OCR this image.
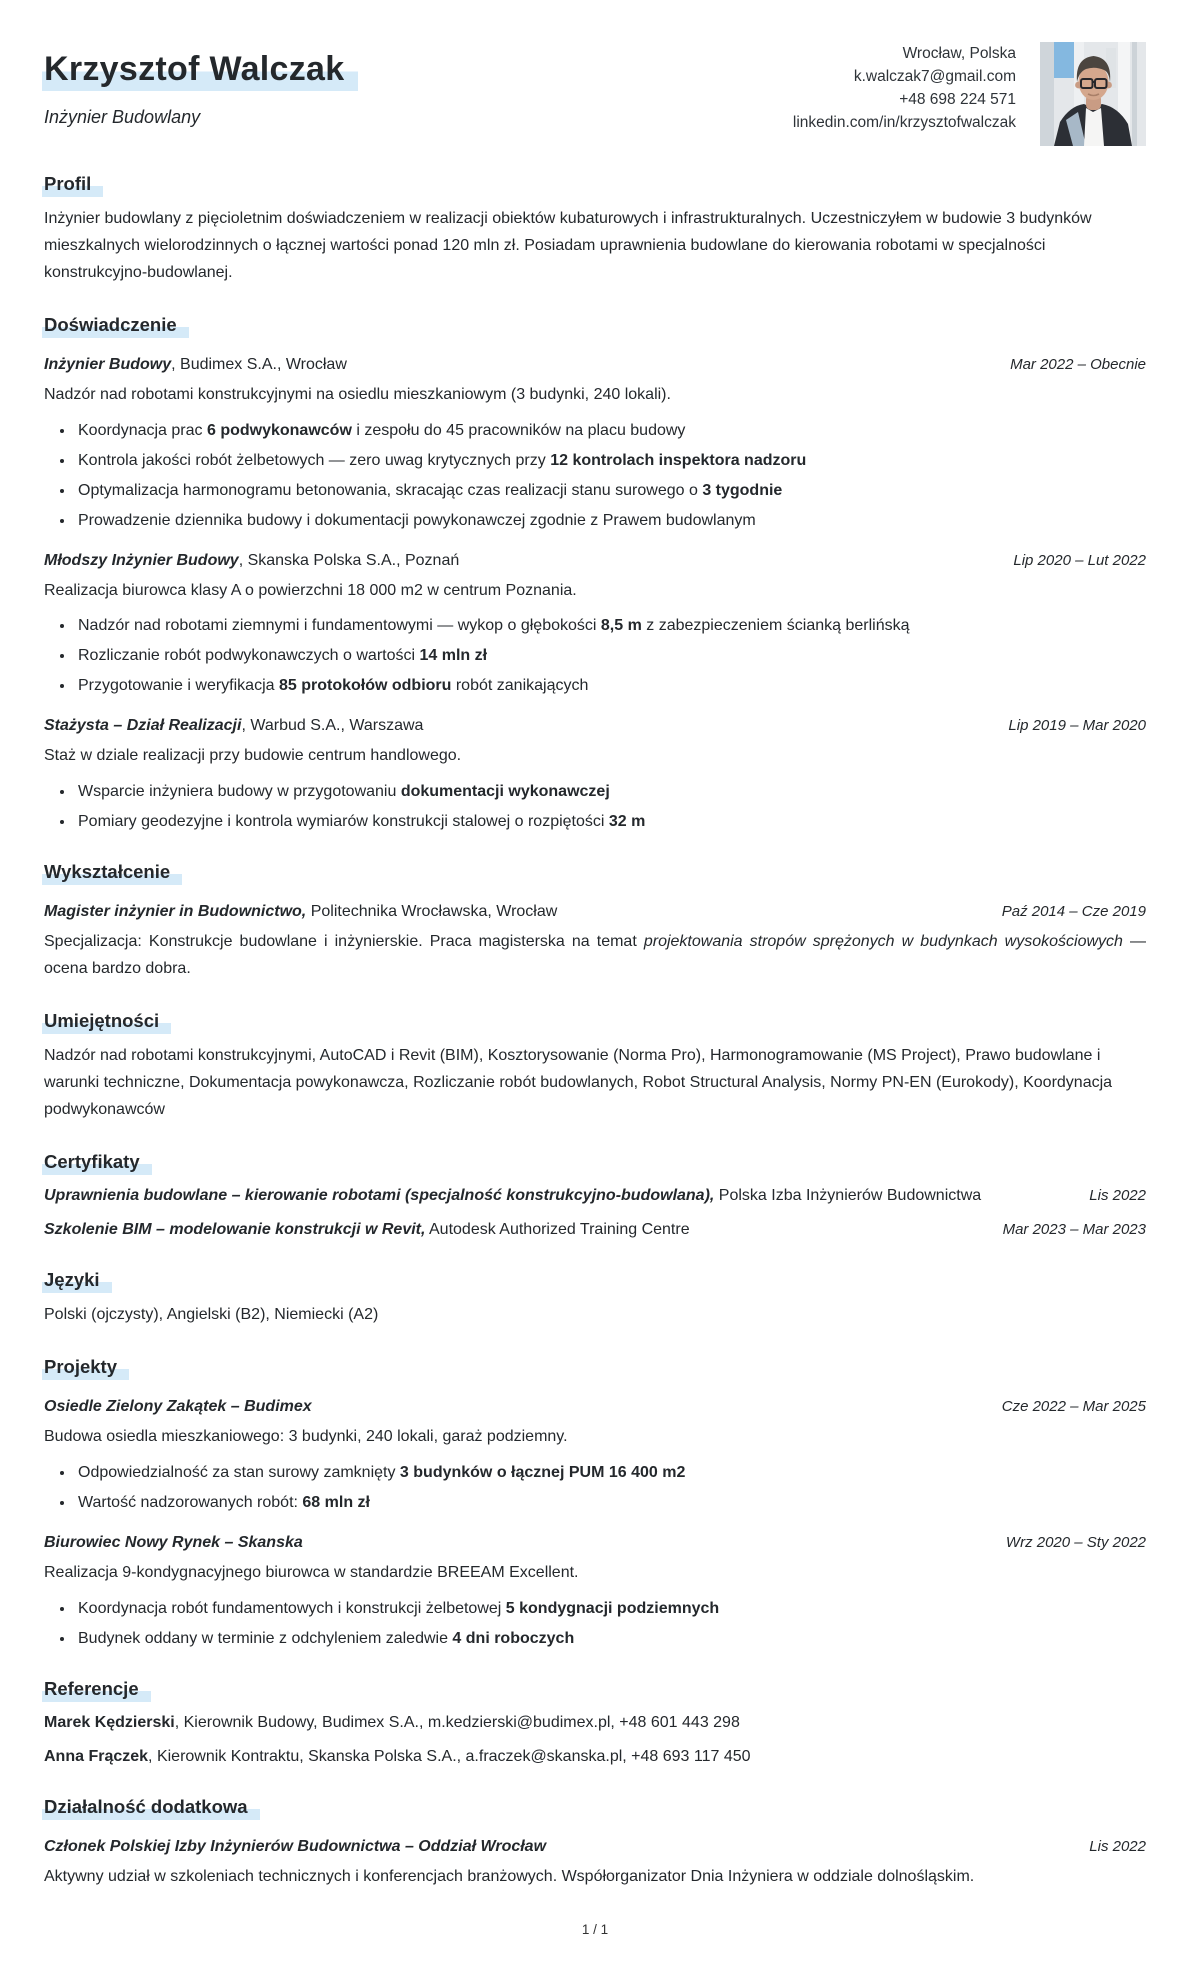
Krzysztof Walczak
Inżynier Budowlany
Wrocław, Polska
k.walczak7@gmail.com
+48 698 224 571
linkedin.com/in/krzysztofwalczak
Profil

Inżynier budowlany z pięcioletnim doświadczeniem w realizacji obiektów kubaturowych i infrastrukturalnych. Uczestniczyłem w budowie 3 budynków mieszkalnych wielorodzinnych o łącznej wartości ponad 120 mln zł. Posiadam uprawnienia budowlane do kierowania robotami w specjalności konstrukcyjno-budowlanej.

Doświadczenie
Inżynier Budowy, Budimex S.A., Wrocław	Mar 2022 – Obecnie

Nadzór nad robotami konstrukcyjnymi na osiedlu mieszkaniowym (3 budynki, 240 lokali).

• Koordynacja prac 6 podwykonawców i zespołu do 45 pracowników na placu budowy
• Kontrola jakości robót żelbetowych — zero uwag krytycznych przy 12 kontrolach inspektora nadzoru
• Optymalizacja harmonogramu betonowania, skracając czas realizacji stanu surowego o 3 tygodnie
• Prowadzenie dziennika budowy i dokumentacji powykonawczej zgodnie z Prawem budowlanym
Młodszy Inżynier Budowy, Skanska Polska S.A., Poznań	Lip 2020 – Lut 2022

Realizacja biurowca klasy A o powierzchni 18 000 m2 w centrum Poznania.

• Nadzór nad robotami ziemnymi i fundamentowymi — wykop o głębokości 8,5 m z zabezpieczeniem ścianką berlińską
• Rozliczanie robót podwykonawczych o wartości 14 mln zł
• Przygotowanie i weryfikacja 85 protokołów odbioru robót zanikających
Stażysta – Dział Realizacji, Warbud S.A., Warszawa	Lip 2019 – Mar 2020

Staż w dziale realizacji przy budowie centrum handlowego.

• Wsparcie inżyniera budowy w przygotowaniu dokumentacji wykonawczej
• Pomiary geodezyjne i kontrola wymiarów konstrukcji stalowej o rozpiętości 32 m
Wykształcenie
Magister inżynier in Budownictwo, Politechnika Wrocławska, Wrocław	Paź 2014 – Cze 2019

Specjalizacja: Konstrukcje budowlane i inżynierskie. Praca magisterska na temat projektowania stropów sprężonych w budynkach wysokościowych — ocena bardzo dobra.

Umiejętności

Nadzór nad robotami konstrukcyjnymi, AutoCAD i Revit (BIM), Kosztorysowanie (Norma Pro), Harmonogramowanie (MS Project), Prawo budowlane i warunki techniczne, Dokumentacja powykonawcza, Rozliczanie robót budowlanych, Robot Structural Analysis, Normy PN-EN (Eurokody), Koordynacja podwykonawców

Certyfikaty
Uprawnienia budowlane – kierowanie robotami (specjalność konstrukcyjno-budowlana), Polska Izba Inżynierów Budownictwa	Lis 2022
Szkolenie BIM – modelowanie konstrukcji w Revit, Autodesk Authorized Training Centre	Mar 2023 – Mar 2023
Języki

Polski (ojczysty), Angielski (B2), Niemiecki (A2)

Projekty
Osiedle Zielony Zakątek – Budimex	Cze 2022 – Mar 2025

Budowa osiedla mieszkaniowego: 3 budynki, 240 lokali, garaż podziemny.

• Odpowiedzialność za stan surowy zamknięty 3 budynków o łącznej PUM 16 400 m2
• Wartość nadzorowanych robót: 68 mln zł
Biurowiec Nowy Rynek – Skanska	Wrz 2020 – Sty 2022

Realizacja 9-kondygnacyjnego biurowca w standardzie BREEAM Excellent.

• Koordynacja robót fundamentowych i konstrukcji żelbetowej 5 kondygnacji podziemnych
• Budynek oddany w terminie z odchyleniem zaledwie 4 dni roboczych
Referencje
Marek Kędzierski, Kierownik Budowy, Budimex S.A., m.kedzierski@budimex.pl, +48 601 443 298
Anna Frączek, Kierownik Kontraktu, Skanska Polska S.A., a.fraczek@skanska.pl, +48 693 117 450
Działalność dodatkowa
Członek Polskiej Izby Inżynierów Budownictwa – Oddział Wrocław	Lis 2022

Aktywny udział w szkoleniach technicznych i konferencjach branżowych. Współorganizator Dnia Inżyniera w oddziale dolnośląskim.

1 / 1
